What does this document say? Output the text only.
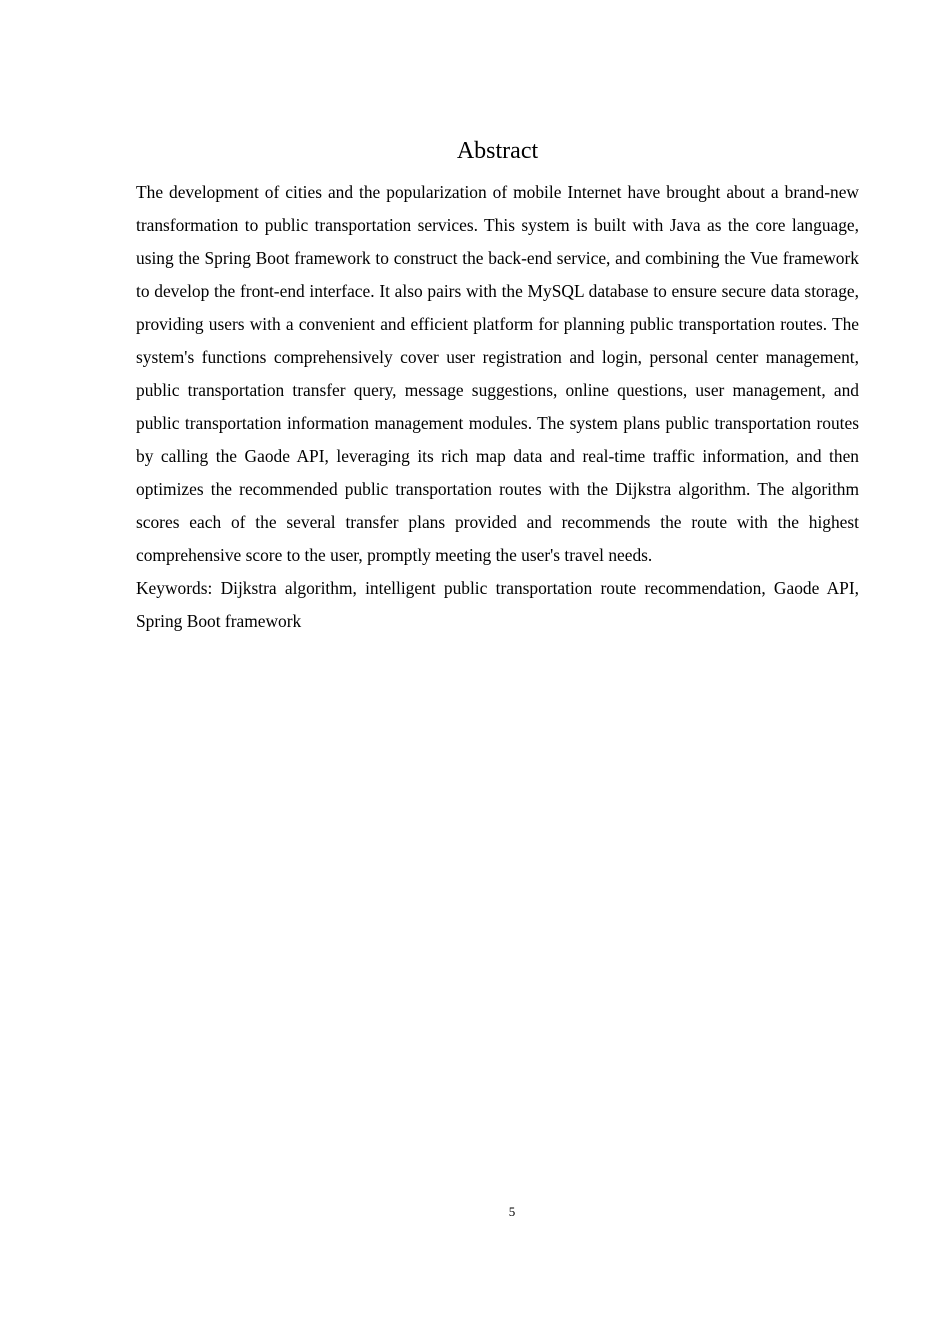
Abstract

The development of cities and the popularization of mobile Internet have brought about a brand-new transformation to public transportation services. This system is built with Java as the core language, using the Spring Boot framework to construct the back-end service, and combining the Vue framework to develop the front-end interface. It also pairs with the MySQL database to ensure secure data storage, providing users with a convenient and efficient platform for planning public transportation routes. The system's functions comprehensively cover user registration and login, personal center management, public transportation transfer query, message suggestions, online questions, user management, and public transportation information management modules. The system plans public transportation routes by calling the Gaode API, leveraging its rich map data and real-time traffic information, and then optimizes the recommended public transportation routes with the Dijkstra algorithm. The algorithm scores each of the several transfer plans provided and recommends the route with the highest comprehensive score to the user, promptly meeting the user's travel needs.

Keywords: Dijkstra algorithm, intelligent public transportation route recommendation, Gaode API, Spring Boot framework

5
